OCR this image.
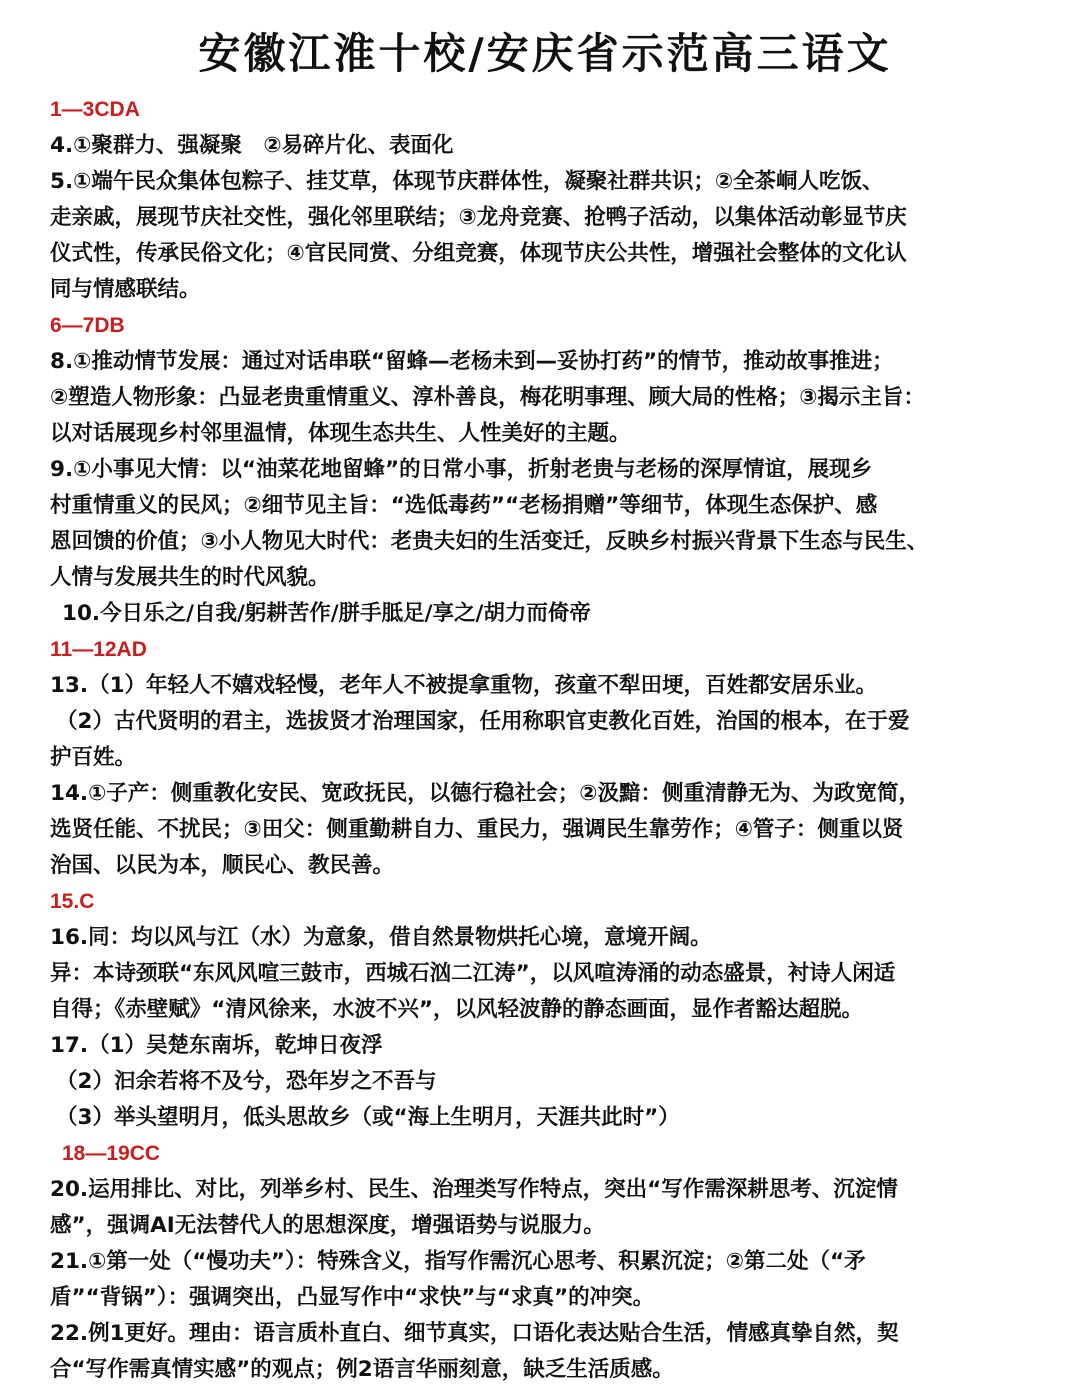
安徽江淮十校/安庆省示范高三语文
1—3CDA
4.①聚群力、强凝聚　②易碎片化、表面化
5.①端午民众集体包粽子、挂艾草，体现节庆群体性，凝聚社群共识；②全茶峒人吃饭、
走亲戚，展现节庆社交性，强化邻里联结；③龙舟竞赛、抢鸭子活动，以集体活动彰显节庆
仪式性，传承民俗文化；④官民同赏、分组竞赛，体现节庆公共性，增强社会整体的文化认
同与情感联结。
6—7DB
8.①推动情节发展：通过对话串联“留蜂—老杨未到—妥协打药”的情节，推动故事推进；
②塑造人物形象：凸显老贵重情重义、淳朴善良，梅花明事理、顾大局的性格；③揭示主旨：
以对话展现乡村邻里温情，体现生态共生、人性美好的主题。
9.①小事见大情：以“油菜花地留蜂”的日常小事，折射老贵与老杨的深厚情谊，展现乡
村重情重义的民风；②细节见主旨：“选低毒药”“老杨捐赠”等细节，体现生态保护、感
恩回馈的价值；③小人物见大时代：老贵夫妇的生活变迁，反映乡村振兴背景下生态与民生、
人情与发展共生的时代风貌。
10.今日乐之/自我/躬耕苦作/胼手胝足/享之/胡力而倚帝
11—12AD
13.（1）年轻人不嬉戏轻慢，老年人不被提拿重物，孩童不犁田埂，百姓都安居乐业。
（2）古代贤明的君主，选拔贤才治理国家，任用称职官吏教化百姓，治国的根本，在于爱
护百姓。
14.①子产：侧重教化安民、宽政抚民，以德行稳社会；②汲黯：侧重清静无为、为政宽简，
选贤任能、不扰民；③田父：侧重勤耕自力、重民力，强调民生靠劳作；④管子：侧重以贤
治国、以民为本，顺民心、教民善。
15.C
16.同：均以风与江（水）为意象，借自然景物烘托心境，意境开阔。
异：本诗颈联“东风风喧三鼓市，西城石汹二江涛”，以风喧涛涌的动态盛景，衬诗人闲适
自得；《赤壁赋》“清风徐来，水波不兴”，以风轻波静的静态画面，显作者豁达超脱。
17.（1）吴楚东南坼，乾坤日夜浮
（2）汩余若将不及兮，恐年岁之不吾与
（3）举头望明月，低头思故乡（或“海上生明月，天涯共此时”）
18—19CC
20.运用排比、对比，列举乡村、民生、治理类写作特点，突出“写作需深耕思考、沉淀情
感”，强调AI无法替代人的思想深度，增强语势与说服力。
21.①第一处（“慢功夫”）：特殊含义，指写作需沉心思考、积累沉淀；②第二处（“矛
盾”“背锅”）：强调突出，凸显写作中“求快”与“求真”的冲突。
22.例1更好。理由：语言质朴直白、细节真实，口语化表达贴合生活，情感真挚自然，契
合“写作需真情实感”的观点；例2语言华丽刻意，缺乏生活质感。
